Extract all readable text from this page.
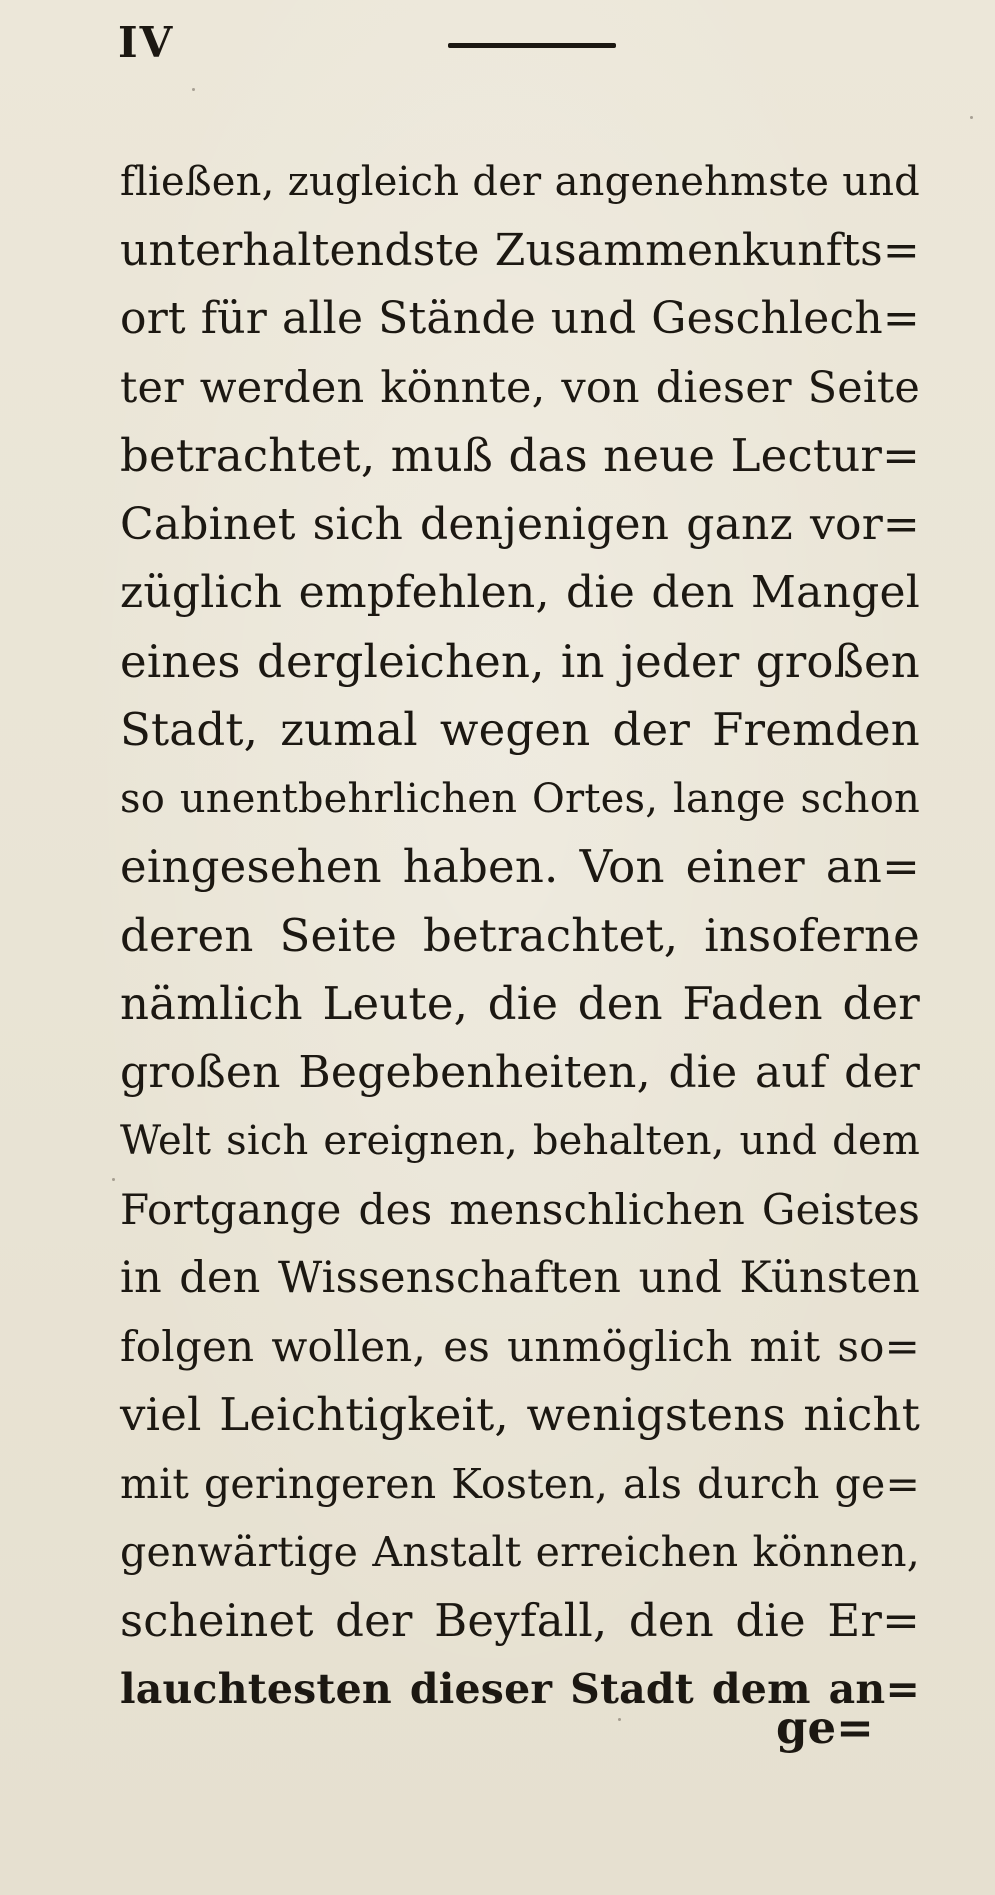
IV
fließen, zugleich der angenehmste und
unterhaltendste Zusammenkunfts=
ort für alle Stände und Geschlech=
ter werden könnte, von dieser Seite
betrachtet, muß das neue Lectur=
Cabinet sich denjenigen ganz vor=
züglich empfehlen, die den Mangel
eines dergleichen, in jeder großen
Stadt, zumal wegen der Fremden
so unentbehrlichen Ortes, lange schon
eingesehen haben. Von einer an=
deren Seite betrachtet, insoferne
nämlich Leute, die den Faden der
großen Begebenheiten, die auf der
Welt sich ereignen, behalten, und dem
Fortgange des menschlichen Geistes
in den Wissenschaften und Künsten
folgen wollen, es unmöglich mit so=
viel Leichtigkeit, wenigstens nicht
mit geringeren Kosten, als durch ge=
genwärtige Anstalt erreichen können,
scheinet der Beyfall, den die Er=
lauchtesten dieser Stadt dem an=
ge=
